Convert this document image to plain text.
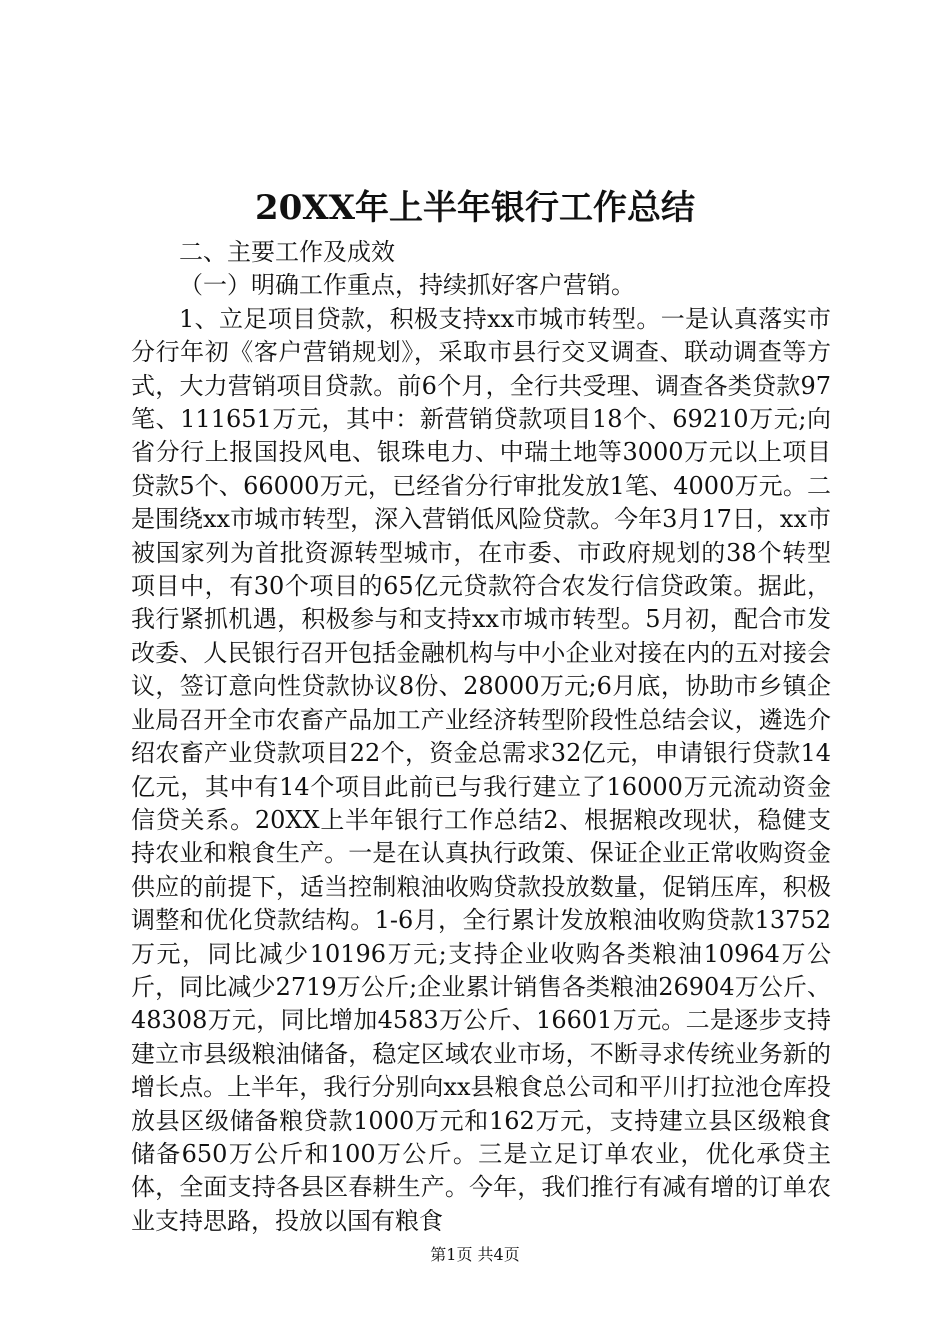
20XX年上半年银行工作总结

二、主要工作及成效

（一）明确工作重点，持续抓好客户营销。

1、立足项目贷款，积极支持xx市城市转型。一是认真落实市分行年初《客户营销规划》，采取市县行交叉调查、联动调查等方式，大力营销项目贷款。前6个月，全行共受理、调查各类贷款97笔、111651万元，其中：新营销贷款项目18个、69210万元;向省分行上报国投风电、银珠电力、中瑞土地等3000万元以上项目贷款5个、66000万元，已经省分行审批发放1笔、4000万元。二是围绕xx市城市转型，深入营销低风险贷款。今年3月17日，xx市被国家列为首批资源转型城市，在市委、市政府规划的38个转型项目中，有30个项目的65亿元贷款符合农发行信贷政策。据此，我行紧抓机遇，积极参与和支持xx市城市转型。5月初，配合市发改委、人民银行召开包括金融机构与中小企业对接在内的五对接会议，签订意向性贷款协议8份、28000万元;6月底，协助市乡镇企业局召开全市农畜产品加工产业经济转型阶段性总结会议，遴选介绍农畜产业贷款项目22个，资金总需求32亿元，申请银行贷款14亿元，其中有14个项目此前已与我行建立了16000万元流动资金信贷关系。20XX上半年银行工作总结2、根据粮改现状，稳健支持农业和粮食生产。一是在认真执行政策、保证企业正常收购资金供应的前提下，适当控制粮油收购贷款投放数量，促销压库，积极调整和优化贷款结构。1-6月，全行累计发放粮油收购贷款13752万元，同比减少10196万元;支持企业收购各类粮油10964万公斤，同比减少2719万公斤;企业累计销售各类粮油26904万公斤、48308万元，同比增加4583万公斤、16601万元。二是逐步支持建立市县级粮油储备，稳定区域农业市场，不断寻求传统业务新的增长点。上半年，我行分别向xx县粮食总公司和平川打拉池仓库投放县区级储备粮贷款1000万元和162万元，支持建立县区级粮食储备650万公斤和100万公斤。三是立足订单农业，优化承贷主体，全面支持各县区春耕生产。今年，我们推行有减有增的订单农业支持思路，投放以国有粮食

第1页 共4页
